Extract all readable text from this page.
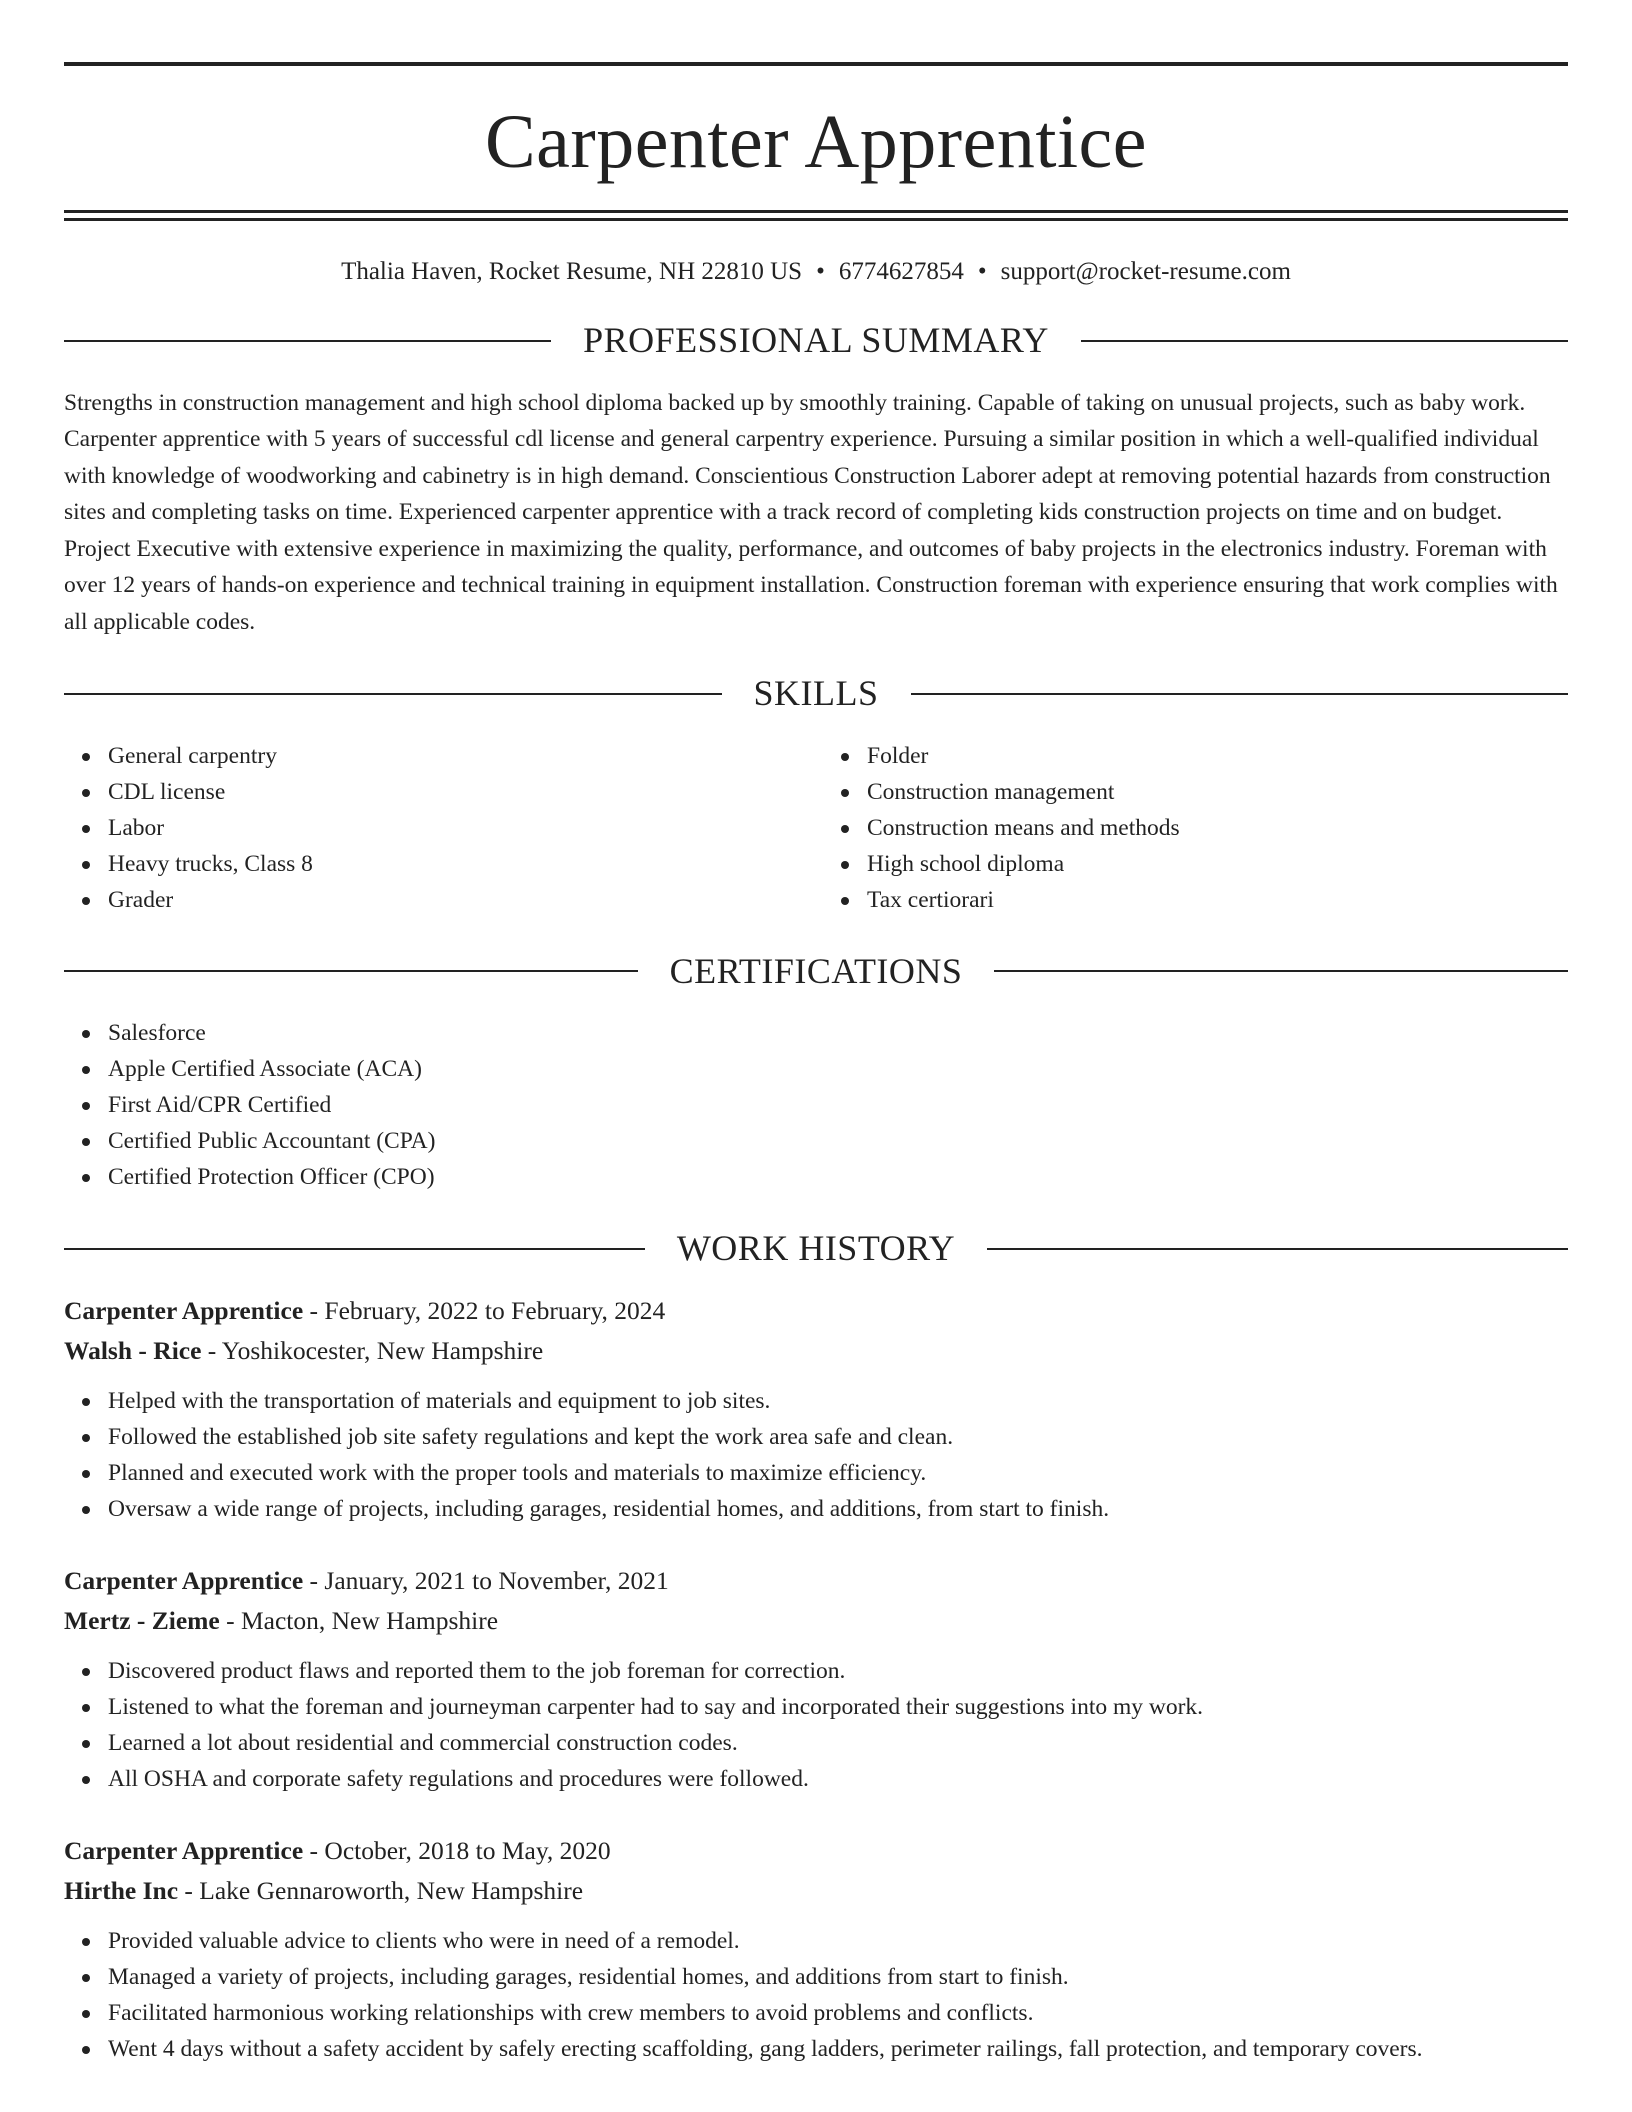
Carpenter Apprentice
Thalia Haven, Rocket Resume, NH 22810 US • 6774627854 • support@rocket-resume.com
PROFESSIONAL SUMMARY

Strengths in construction management and high school diploma backed up by smoothly training. Capable of taking on unusual projects, such as baby work. Carpenter apprentice with 5 years of successful cdl license and general carpentry experience. Pursuing a similar position in which a well-qualified individual with knowledge of woodworking and cabinetry is in high demand. Conscientious Construction Laborer adept at removing potential hazards from construction sites and completing tasks on time. Experienced carpenter apprentice with a track record of completing kids construction projects on time and on budget. Project Executive with extensive experience in maximizing the quality, performance, and outcomes of baby projects in the electronics industry. Foreman with over 12 years of hands-on experience and technical training in equipment installation. Construction foreman with experience ensuring that work complies with all applicable codes.

SKILLS
General carpentry
CDL license
Labor
Heavy trucks, Class 8
Grader
Folder
Construction management
Construction means and methods
High school diploma
Tax certiorari
CERTIFICATIONS
Salesforce
Apple Certified Associate (ACA)
First Aid/CPR Certified
Certified Public Accountant (CPA)
Certified Protection Officer (CPO)
WORK HISTORY
Carpenter Apprentice - February, 2022 to February, 2024
Walsh - Rice - Yoshikocester, New Hampshire
Helped with the transportation of materials and equipment to job sites.
Followed the established job site safety regulations and kept the work area safe and clean.
Planned and executed work with the proper tools and materials to maximize efficiency.
Oversaw a wide range of projects, including garages, residential homes, and additions, from start to finish.
Carpenter Apprentice - January, 2021 to November, 2021
Mertz - Zieme - Macton, New Hampshire
Discovered product flaws and reported them to the job foreman for correction.
Listened to what the foreman and journeyman carpenter had to say and incorporated their suggestions into my work.
Learned a lot about residential and commercial construction codes.
All OSHA and corporate safety regulations and procedures were followed.
Carpenter Apprentice - October, 2018 to May, 2020
Hirthe Inc - Lake Gennaroworth, New Hampshire
Provided valuable advice to clients who were in need of a remodel.
Managed a variety of projects, including garages, residential homes, and additions from start to finish.
Facilitated harmonious working relationships with crew members to avoid problems and conflicts.
Went 4 days without a safety accident by safely erecting scaffolding, gang ladders, perimeter railings, fall protection, and temporary covers.
